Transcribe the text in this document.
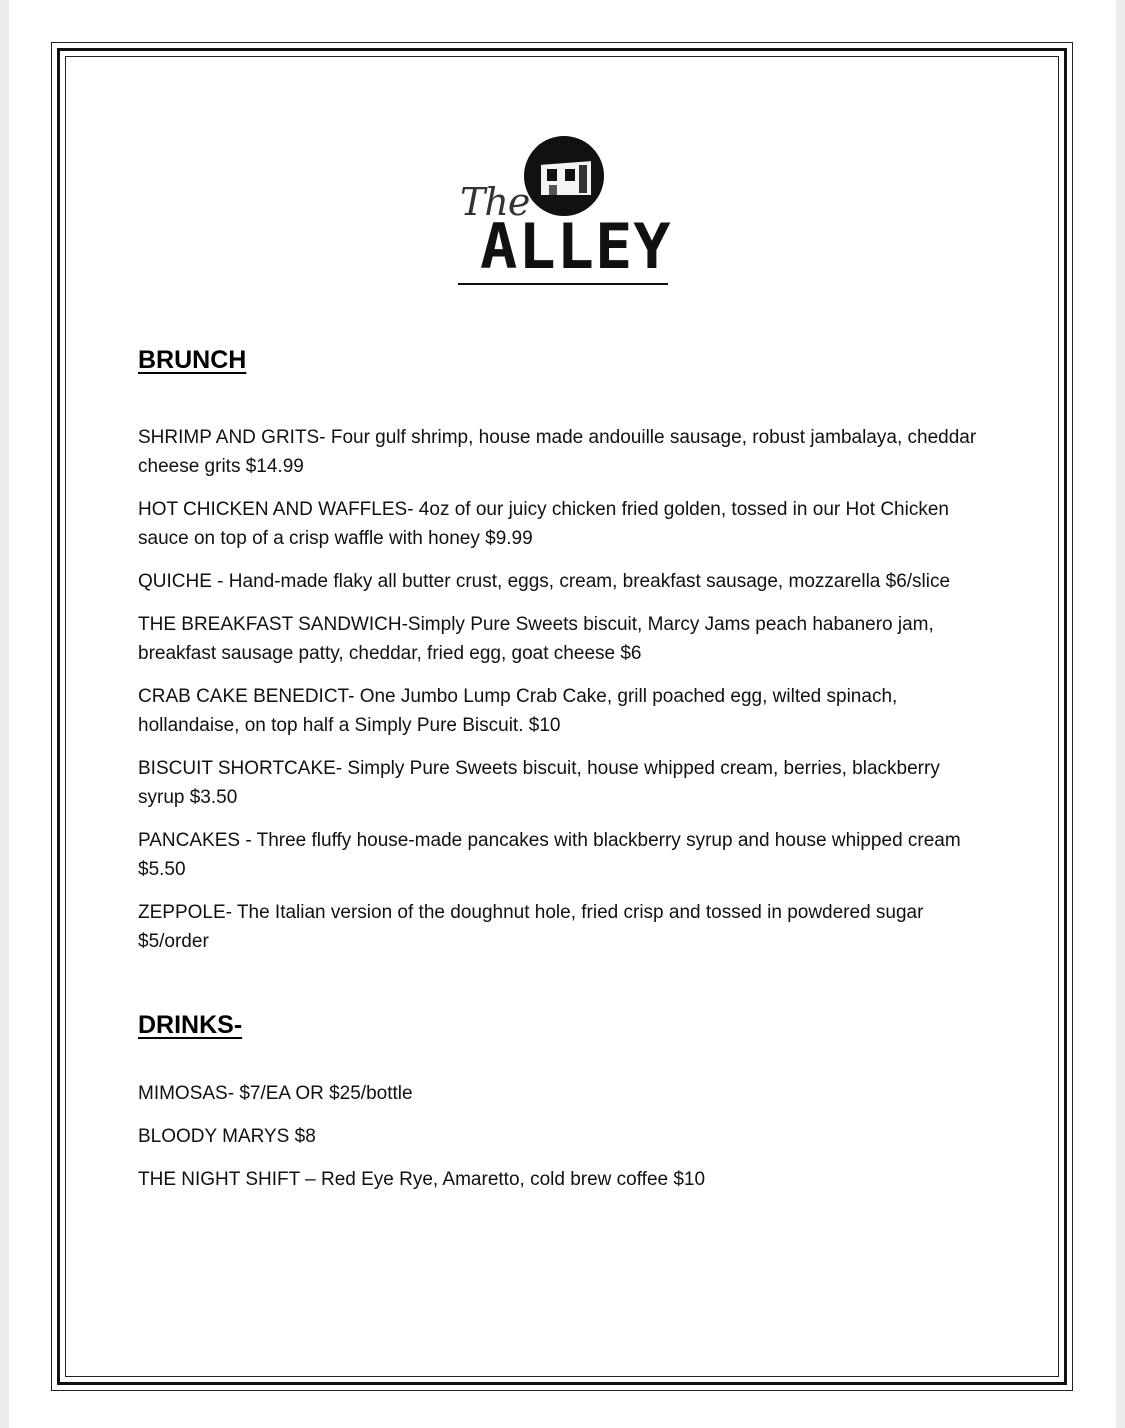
The
ALLEY
BRUNCH
SHRIMP AND GRITS- Four gulf shrimp, house made andouille sausage, robust jambalaya, cheddar cheese grits $14.99
HOT CHICKEN AND WAFFLES- 4oz of our juicy chicken fried golden, tossed in our Hot Chicken sauce on top of a crisp waffle with honey $9.99
QUICHE - Hand-made flaky all butter crust, eggs, cream, breakfast sausage, mozzarella $6/slice
THE BREAKFAST SANDWICH-Simply Pure Sweets biscuit, Marcy Jams peach habanero jam, breakfast sausage patty, cheddar, fried egg, goat cheese $6
CRAB CAKE BENEDICT- One Jumbo Lump Crab Cake, grill poached egg, wilted spinach, hollandaise, on top half a Simply Pure Biscuit. $10
BISCUIT SHORTCAKE- Simply Pure Sweets biscuit, house whipped cream, berries, blackberry syrup $3.50
PANCAKES - Three fluffy house-made pancakes with blackberry syrup and house whipped cream $5.50
ZEPPOLE- The Italian version of the doughnut hole, fried crisp and tossed in powdered sugar $5/order
DRINKS-
MIMOSAS- $7/EA OR $25/bottle
BLOODY MARYS $8
THE NIGHT SHIFT – Red Eye Rye, Amaretto, cold brew coffee $10
